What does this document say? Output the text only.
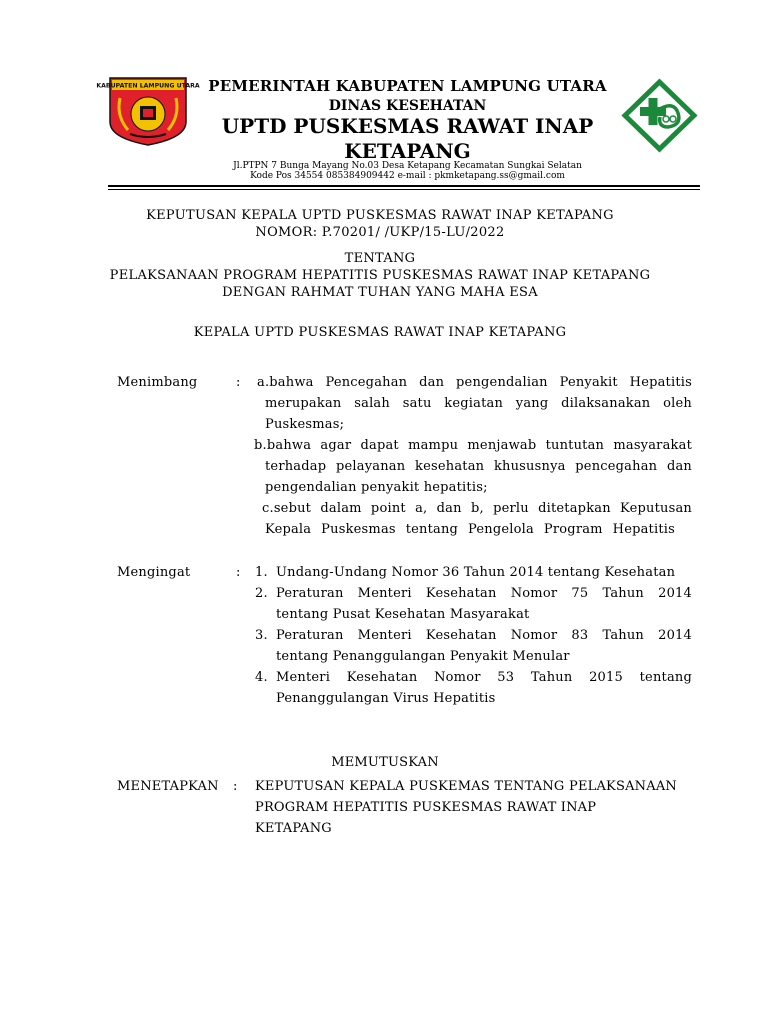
KABUPATEN LAMPUNG UTARA PEMERINTAH KABUPATEN LAMPUNG UTARA
DINAS KESEHATAN
UPTD PUSKESMAS RAWAT INAP
KETAPANG
Jl.PTPN 7 Bunga Mayang No.03 Desa Ketapang Kecamatan Sungkai Selatan
Kode Pos 34554 085384909442 e-mail : pkmketapang.ss@gmail.com
KEPUTUSAN KEPALA UPTD PUSKESMAS RAWAT INAP KETAPANG
NOMOR: P.70201/ /UKP/15-LU/2022
TENTANG
PELAKSANAAN PROGRAM HEPATITIS PUSKESMAS RAWAT INAP KETAPANG
DENGAN RAHMAT TUHAN YANG MAHA ESA
KEPALA UPTD PUSKESMAS RAWAT INAP KETAPANG
Menimbang	: a.bahwa Pencegahan dan pengendalian Penyakit Hepatitis
merupakan salah satu kegiatan yang dilaksanakan oleh
Puskesmas;
b.bahwa agar dapat mampu menjawab tuntutan masyarakat
terhadap pelayanan kesehatan khususnya pencegahan dan
pengendalian penyakit hepatitis;
c.sebut dalam point a, dan b, perlu ditetapkan Keputusan
Kepala Puskesmas tentang Pengelola Program Hepatitis
Mengingat	: 1. Undang-Undang Nomor 36 Tahun 2014 tentang Kesehatan
2. Peraturan Menteri Kesehatan Nomor 75 Tahun 2014
tentang Pusat Kesehatan Masyarakat
3. Peraturan Menteri Kesehatan Nomor 83 Tahun 2014
tentang Penanggulangan Penyakit Menular
4. Menteri Kesehatan Nomor 53 Tahun 2015 tentang
Penanggulangan Virus Hepatitis
MEMUTUSKAN
MENETAPKAN : KEPUTUSAN KEPALA PUSKEMAS TENTANG PELAKSANAAN
PROGRAM HEPATITIS PUSKESMAS RAWAT INAP
KETAPANG
